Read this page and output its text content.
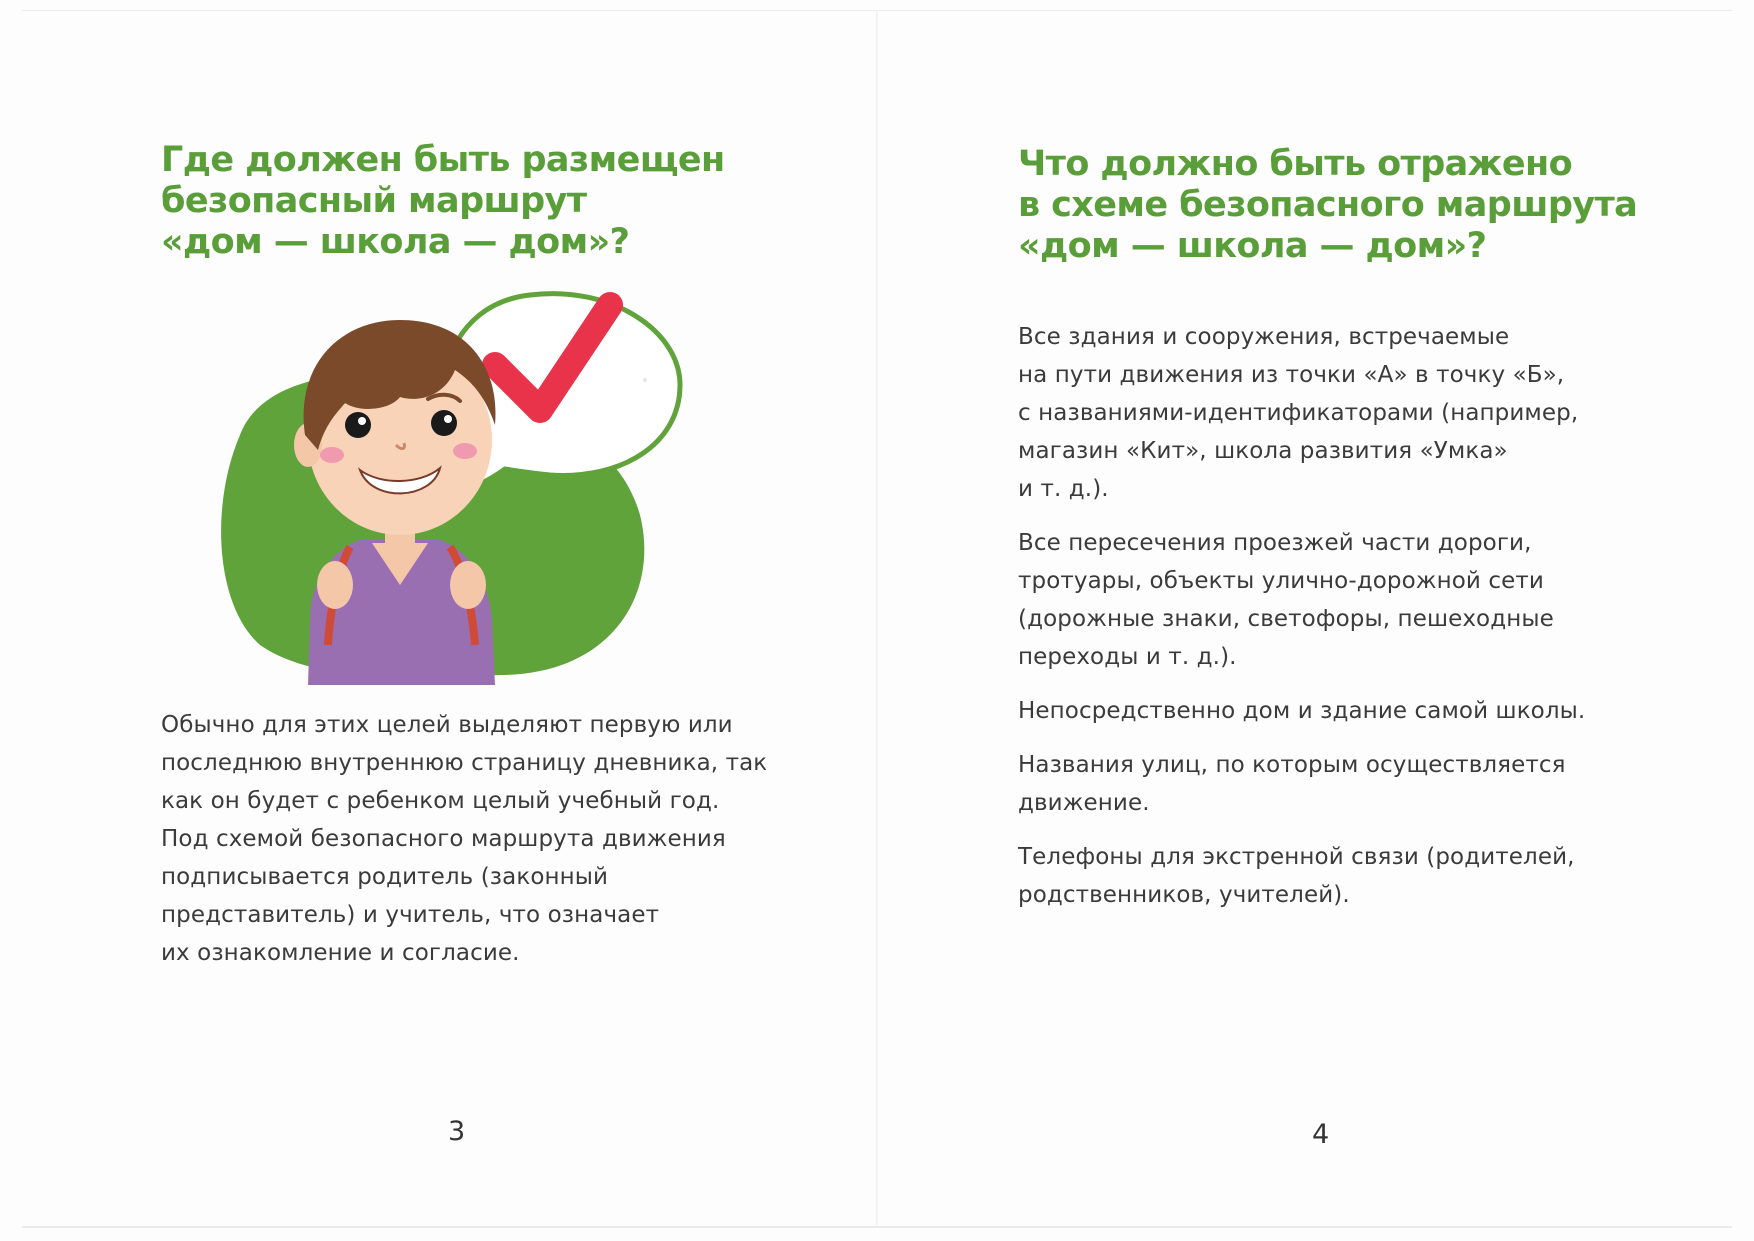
Где должен быть размещен
безопасный маршрут
«дом — школа — дом»?
Обычно для этих целей выделяют первую или
последнюю внутреннюю страницу дневника, так
как он будет с ребенком целый учебный год.
Под схемой безопасного маршрута движения
подписывается родитель (законный
представитель) и учитель, что означает
их ознакомление и согласие.
3
Что должно быть отражено
в схеме безопасного маршрута
«дом — школа — дом»?
Все здания и сооружения, встречаемые
на пути движения из точки «А» в точку «Б»,
с названиями-идентификаторами (например,
магазин «Кит», школа развития «Умка»
и т. д.).
Все пересечения проезжей части дороги,
тротуары, объекты улично-дорожной сети
(дорожные знаки, светофоры, пешеходные
переходы и т. д.).
Непосредственно дом и здание самой школы.
Названия улиц, по которым осуществляется
движение.
Телефоны для экстренной связи (родителей,
родственников, учителей).
4
